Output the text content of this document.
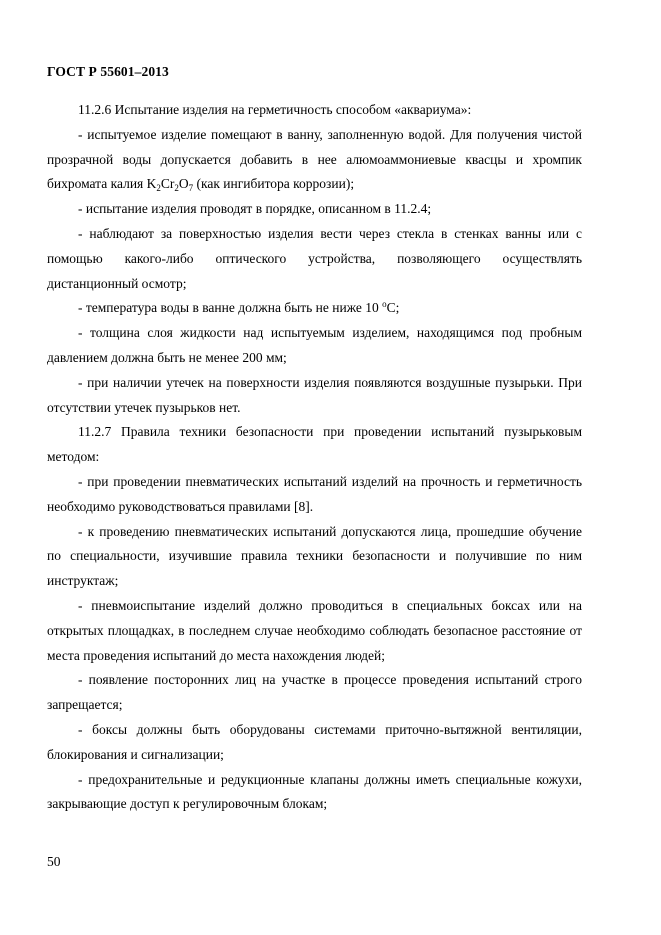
ГОСТ Р 55601–2013

11.2.6 Испытание изделия на герметичность способом «аквариума»:

- испытуемое изделие помещают в ванну, заполненную водой. Для получения чистой прозрачной воды допускается добавить в нее алюмоаммониевые квасцы и хромпик бихромата калия $K_2Cr_2O_7$ (как ингибитора коррозии);

- испытание изделия проводят в порядке, описанном в 11.2.4;

- наблюдают за поверхностью изделия вести через стекла в стенках ванны или с помощью какого-либо оптического устройства, позволяющего осуществлять дистанционный осмотр;

- температура воды в ванне должна быть не ниже 10 $^o$С;

- толщина слоя жидкости над испытуемым изделием, находящимся под пробным давлением должна быть не менее 200 мм;

- при наличии утечек на поверхности изделия появляются воздушные пузырьки. При отсутствии утечек пузырьков нет.

11.2.7 Правила техники безопасности при проведении испытаний пузырьковым методом:

- при проведении пневматических испытаний изделий на прочность и герметичность необходимо руководствоваться правилами [8].

- к проведению пневматических испытаний допускаются лица, прошедшие обучение по специальности, изучившие правила техники безопасности и получившие по ним инструктаж;

- пневмоиспытание изделий должно проводиться в специальных боксах или на открытых площадках, в последнем случае необходимо соблюдать безопасное расстояние от места проведения испытаний до места нахождения людей;

- появление посторонних лиц на участке в процессе проведения испытаний строго запрещается;

- боксы должны быть оборудованы системами приточно-вытяжной вентиляции, блокирования и сигнализации;

- предохранительные и редукционные клапаны должны иметь специальные кожухи, закрывающие доступ к регулировочным блокам;

50
